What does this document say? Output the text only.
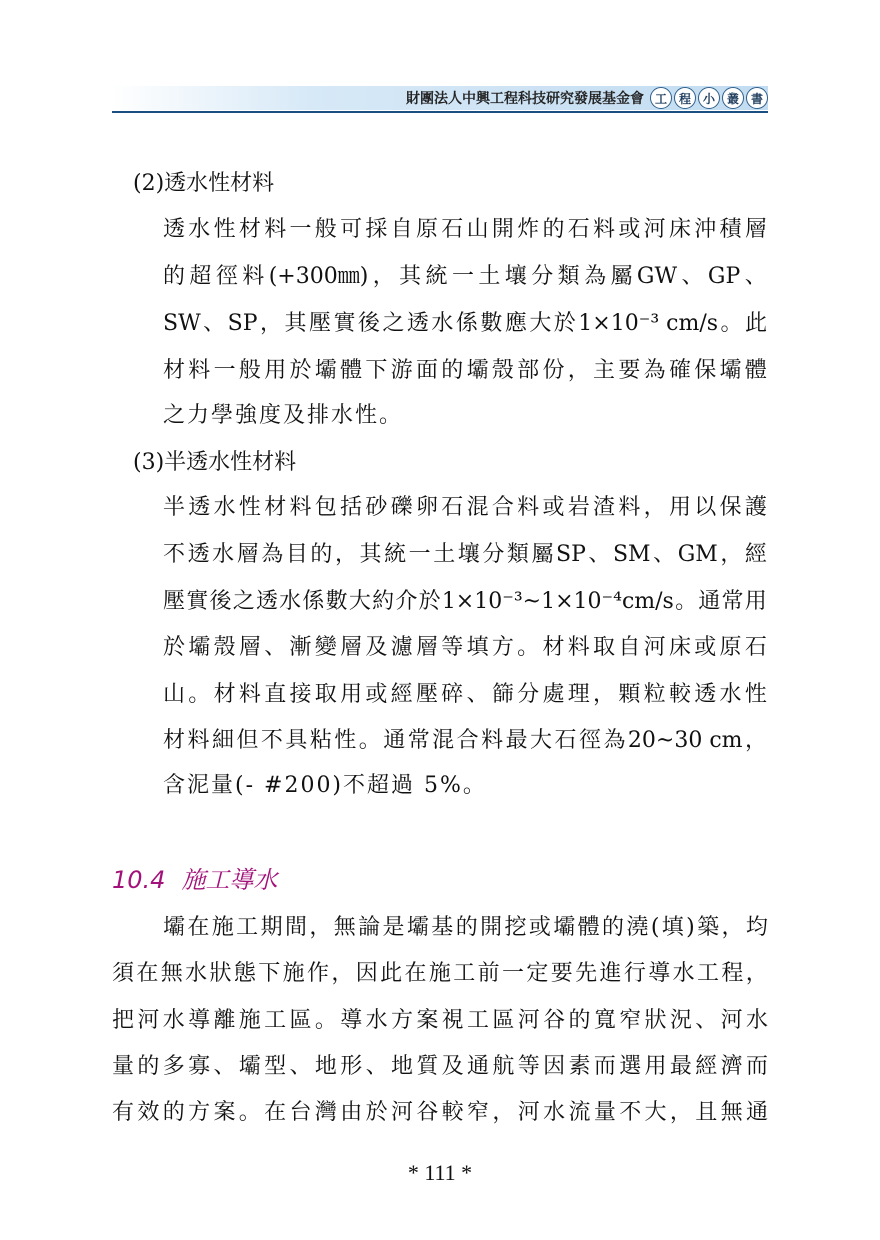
財團法人中興工程科技研究發展基金會 工 程 小 叢 書
(2)透水性材料
透 水 性 材 料 一 般 可 採 自 原 石 山 開 炸 的 石 料 或 河 床 沖 積 層
的 超 徑 料 (+300㎜) ， 其 統 一 土 壤 分 類 為 屬 GW 、 GP 、
SW 、 SP ， 其 壓 實 後 之 透 水 係 數 應 大 於 1×10⁻³ cm/s 。 此
材 料 一 般 用 於 壩 體 下 游 面 的 壩 殼 部 份 ， 主 要 為 確 保 壩 體
之力學強度及排水性。
(3)半透水性材料
半 透 水 性 材 料 包 括 砂 礫 卵 石 混 合 料 或 岩 渣 料 ， 用 以 保 護
不 透 水 層 為 目 的 ， 其 統 一 土 壤 分 類 屬 SP 、 SM 、 GM ， 經
壓 實 後 之 透 水 係 數 大 約 介 於 1×10⁻³~1×10⁻⁴cm/s 。 通 常 用
於 壩 殼 層 、 漸 變 層 及 濾 層 等 填 方 。 材 料 取 自 河 床 或 原 石
山 。 材 料 直 接 取 用 或 經 壓 碎 、 篩 分 處 理 ， 顆 粒 較 透 水 性
材 料 細 但 不 具 粘 性 。 通 常 混 合 料 最 大 石 徑 為 20~30 cm ，
含泥量(- #200)不超過 5%。
10.4 施工導水
壩 在 施 工 期 間 ， 無 論 是 壩 基 的 開 挖 或 壩 體 的 澆 ( 填 ) 築 ， 均
須 在 無 水 狀 態 下 施 作 ， 因 此 在 施 工 前 一 定 要 先 進 行 導 水 工 程 ，
把 河 水 導 離 施 工 區 。 導 水 方 案 視 工 區 河 谷 的 寬 窄 狀 況 、 河 水
量 的 多 寡 、 壩 型 、 地 形 、 地 質 及 通 航 等 因 素 而 選 用 最 經 濟 而
有 效 的 方 案 。 在 台 灣 由 於 河 谷 較 窄 ， 河 水 流 量 不 大 ， 且 無 通
* 111 *
